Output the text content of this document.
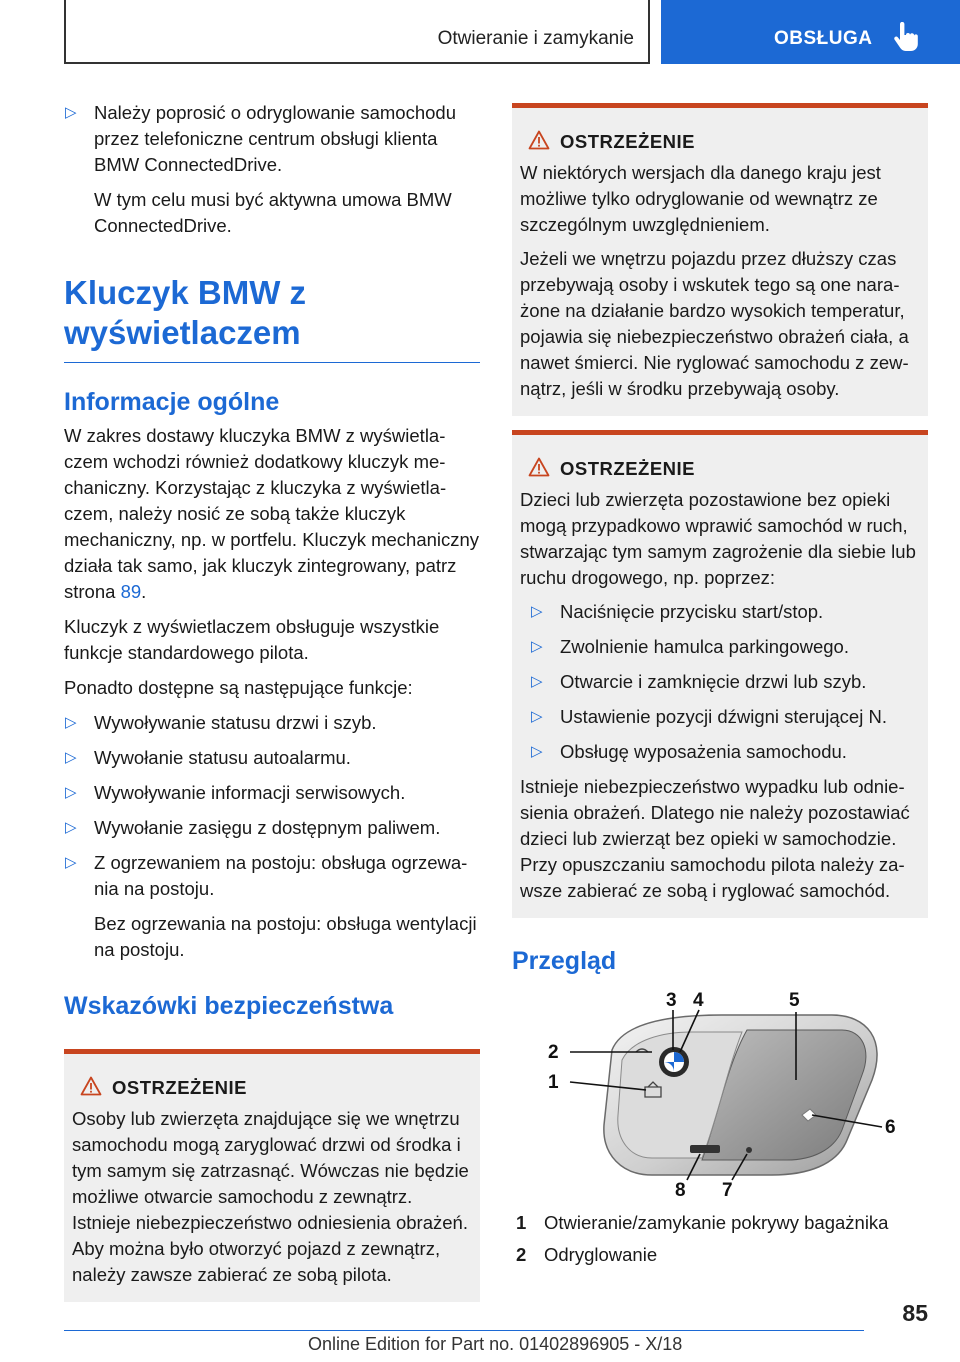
Otwieranie i zamykanie	OBSŁUGA
▷ Należy poprosić o odryglowanie samochodu przez telefoniczne centrum obsługi klienta BMW ConnectedDrive.
W tym celu musi być aktywna umowa BMW ConnectedDrive.
Kluczyk BMW z wyświetlaczem
Informacje ogólne

W zakres dostawy kluczyka BMW z wyświetlaczem wchodzi również dodatkowy kluczyk mechaniczny. Korzystając z kluczyka z wyświetlaczem, należy nosić ze sobą także kluczyk mechaniczny, np. w portfelu. Kluczyk mechaniczny działa tak samo, jak kluczyk zintegrowany, patrz strona 89.

Kluczyk z wyświetlaczem obsługuje wszystkie funkcje standardowego pilota.

Ponadto dostępne są następujące funkcje:

▷ Wywoływanie statusu drzwi i szyb.
▷ Wywołanie statusu autoalarmu.
▷ Wywoływanie informacji serwisowych.
▷ Wywołanie zasięgu z dostępnym paliwem.
▷ Z ogrzewaniem na postoju: obsługa ogrzewania na postoju.
Bez ogrzewania na postoju: obsługa wentylacji na postoju.
Wskazówki bezpieczeństwa
OSTRZEŻENIE

Osoby lub zwierzęta znajdujące się we wnętrzu samochodu mogą zaryglować drzwi od środka i tym samym się zatrzasnąć. Wówczas nie będzie możliwe otwarcie samochodu z zewnątrz. Istnieje niebezpieczeństwo odniesienia obrażeń. Aby można było otworzyć pojazd z zewnątrz, należy zawsze zabierać ze sobą pilota.

OSTRZEŻENIE

W niektórych wersjach dla danego kraju jest możliwe tylko odryglowanie od wewnątrz ze szczególnym uwzględnieniem.

Jeżeli we wnętrzu pojazdu przez dłuższy czas przebywają osoby i wskutek tego są one narażone na działanie bardzo wysokich temperatur, pojawia się niebezpieczeństwo obrażeń ciała, a nawet śmierci. Nie ryglować samochodu z zewnątrz, jeśli w środku przebywają osoby.

OSTRZEŻENIE

Dzieci lub zwierzęta pozostawione bez opieki mogą przypadkowo wprawić samochód w ruch, stwarzając tym samym zagrożenie dla siebie lub ruchu drogowego, np. poprzez:

▷ Naciśnięcie przycisku start/stop.
▷ Zwolnienie hamulca parkingowego.
▷ Otwarcie i zamknięcie drzwi lub szyb.
▷ Ustawienie pozycji dźwigni sterującej N.
▷ Obsługę wyposażenia samochodu.

Istnieje niebezpieczeństwo wypadku lub odniesienia obrażeń. Dlatego nie należy pozostawiać dzieci lub zwierząt bez opieki w samochodzie. Przy opuszczaniu samochodu pilota należy zawsze zabierać ze sobą i ryglować samochód.

Przegląd
2
1
3 4	5
6
7
8
1 Otwieranie/zamykanie pokrywy bagażnika
2 Odryglowanie
85
Online Edition for Part no. 01402896905 - X/18
